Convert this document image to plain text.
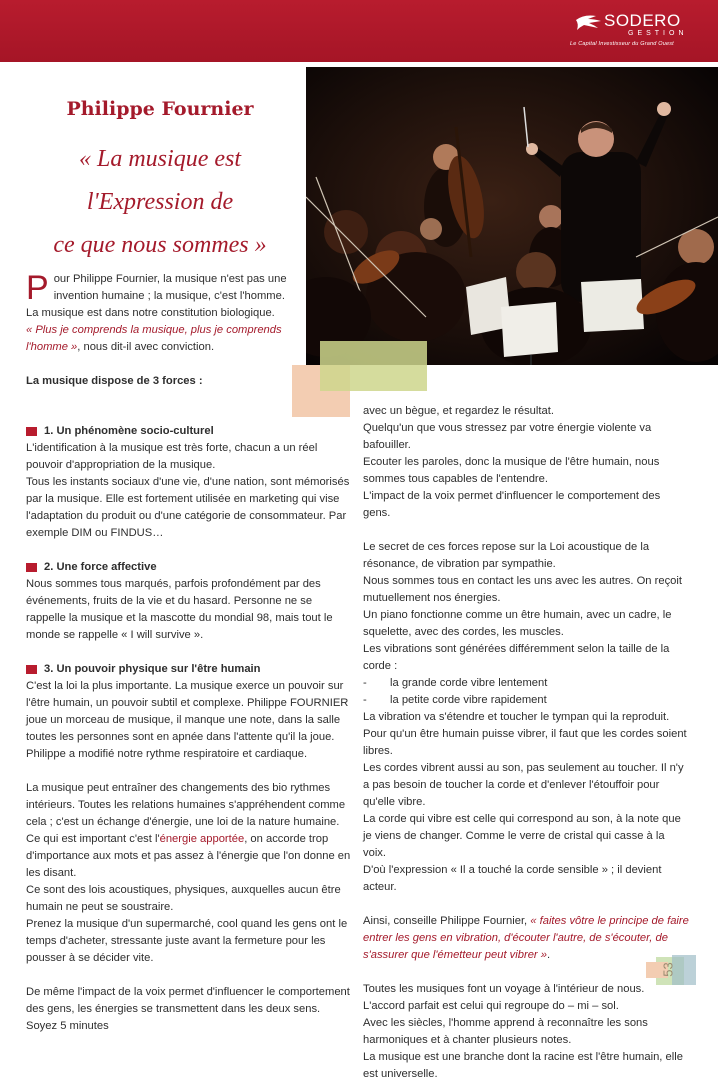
SODERO
GESTION
Le Capital Investisseur du Grand Ouest
53
Philippe Fournier
« La musique est
l'Expression de
ce que nous sommes »
Pour Philippe Fournier, la musique n'est pas une invention humaine ; la musique, c'est l'homme. La musique est dans notre constitution biologique.
« Plus je comprends la musique, plus je comprends l'homme », nous dit-il avec conviction.
La musique dispose de 3 forces :
1. Un phénomène socio-culturel
L'identification à la musique est très forte, chacun a un réel pouvoir d'appropriation de la musique.
Tous les instants sociaux d'une vie, d'une nation, sont mémorisés par la musique. Elle est fortement utilisée en marketing qui vise l'adaptation du produit ou d'une catégorie de consommateur. Par exemple DIM ou FINDUS…
2. Une force affective
Nous sommes tous marqués, parfois profondément par des événements, fruits de la vie et du hasard. Personne ne se rappelle la musique et la mascotte du mondial 98, mais tout le monde se rappelle « I will survive ».
3. Un pouvoir physique sur l'être humain
C'est la loi la plus importante. La musique exerce un pouvoir sur l'être humain, un pouvoir subtil et complexe. Philippe FOURNIER joue un morceau de musique, il manque une note, dans la salle toutes les personnes sont en apnée dans l'attente qu'il la joue.
Philippe a modifié notre rythme respiratoire et cardiaque.
La musique peut entraîner des changements des bio rythmes intérieurs. Toutes les relations humaines s'appréhendent comme cela ; c'est un échange d'énergie, une loi de la nature humaine.
Ce qui est important c'est l'énergie apportée, on accorde trop d'importance aux mots et pas assez à l'énergie que l'on donne en les disant.
Ce sont des lois acoustiques, physiques, auxquelles aucun être humain ne peut se soustraire.
Prenez la musique d'un supermarché, cool quand les gens ont le temps d'acheter, stressante juste avant la fermeture pour les pousser à se décider vite.
De même l'impact de la voix permet d'influencer le comportement des gens, les énergies se transmettent dans les deux sens. Soyez 5 minutes
avec un bègue, et regardez le résultat.
Quelqu'un que vous stressez par votre énergie violente va bafouiller.
Ecouter les paroles, donc la musique de l'être humain, nous sommes tous capables de l'entendre.
L'impact de la voix permet d'influencer le comportement des gens.
Le secret de ces forces repose sur la Loi acoustique de la résonance, de vibration par sympathie.
Nous sommes tous en contact les uns avec les autres. On reçoit mutuellement nos énergies.
Un piano fonctionne comme un être humain, avec un cadre, le squelette, avec des cordes, les muscles.
Les vibrations sont générées différemment selon la taille de la corde :
-	la grande corde vibre lentement
-	la petite corde vibre rapidement
La vibration va s'étendre et toucher le tympan qui la reproduit.
Pour qu'un être humain puisse vibrer, il faut que les cordes soient libres.
Les cordes vibrent aussi au son, pas seulement au toucher. Il n'y a pas besoin de toucher la corde et d'enlever l'étouffoir pour qu'elle vibre.
La corde qui vibre est celle qui correspond au son, à la note que je viens de changer. Comme le verre de cristal qui casse à la voix.
D'où l'expression « Il a touché la corde sensible » ; il devient acteur.
Ainsi, conseille Philippe Fournier, « faites vôtre le principe de faire entrer les gens en vibration, d'écouter l'autre, de s'écouter, de s'assurer que l'émetteur peut vibrer ».
Toutes les musiques font un voyage à l'intérieur de nous.
L'accord parfait est celui qui regroupe do – mi – sol.
Avec les siècles, l'homme apprend à reconnaître les sons harmoniques et à chanter plusieurs notes.
La musique est une branche dont la racine est l'être humain, elle est universelle.
